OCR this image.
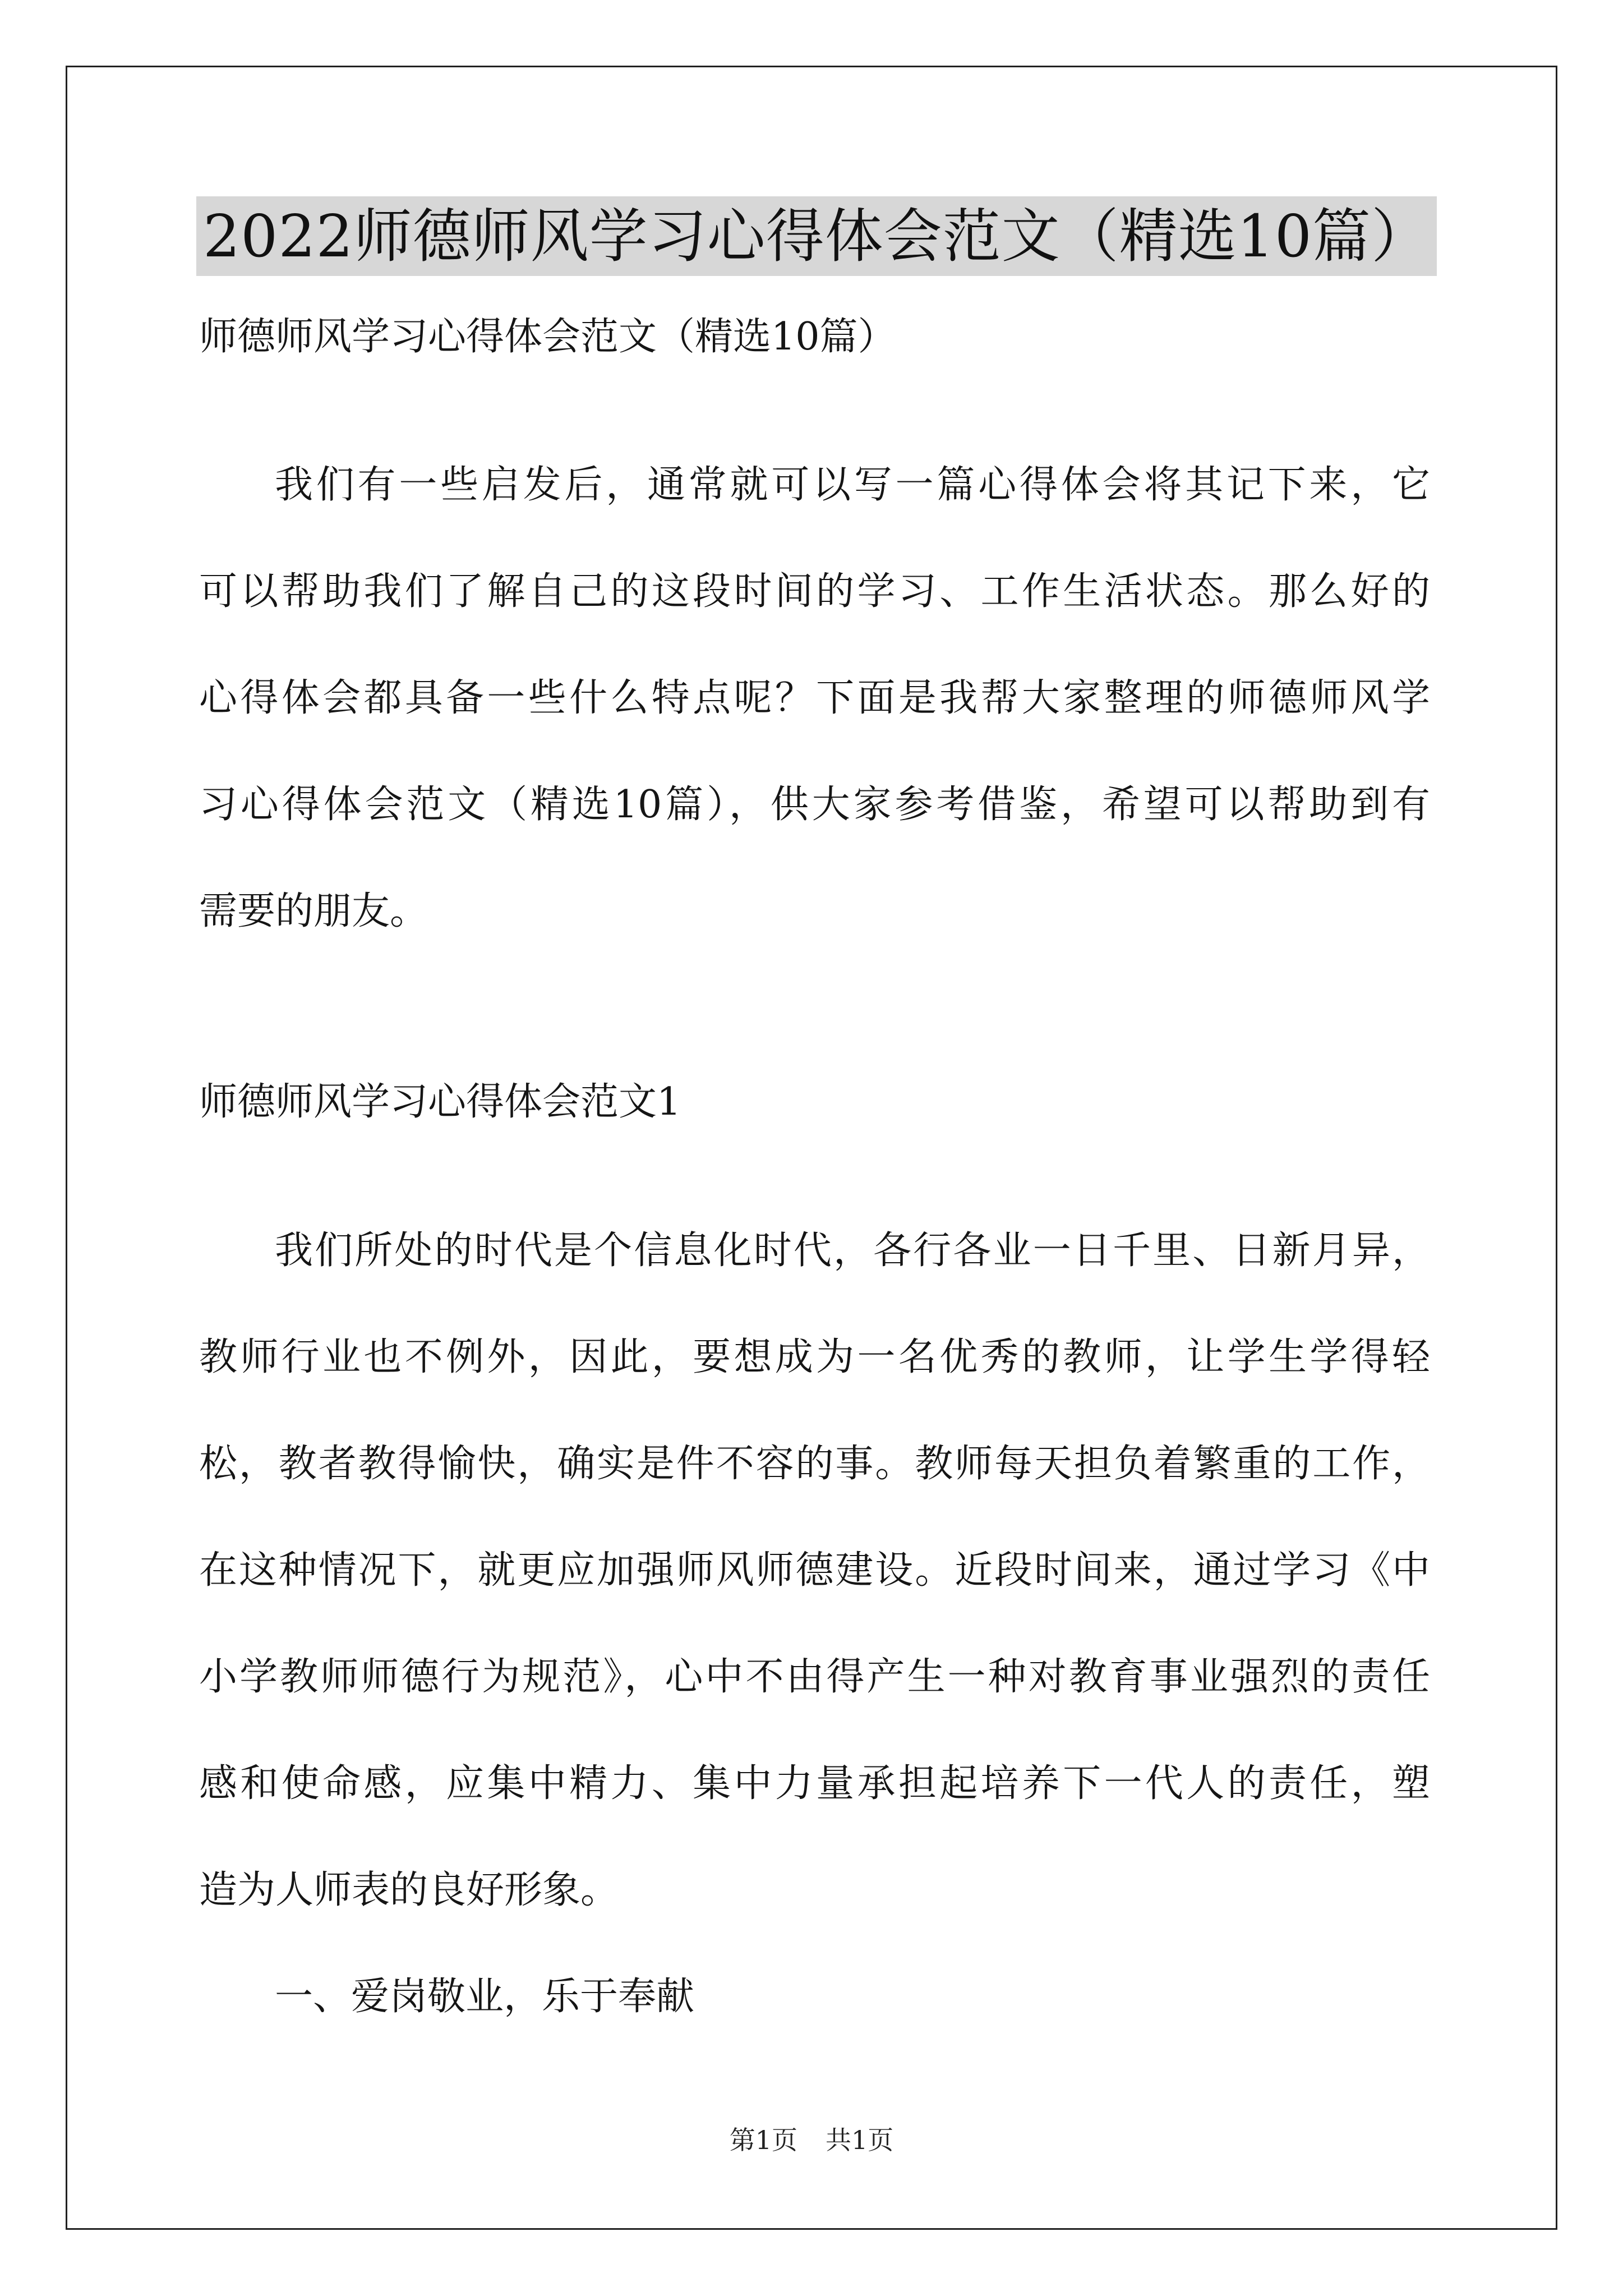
2022师德师风学习心得体会范文（精选10篇）
师德师风学习心得体会范文（精选10篇）
我们有一些启发后，通常就可以写一篇心得体会将其记下来，它
可以帮助我们了解自己的这段时间的学习、工作生活状态。那么好的
心得体会都具备一些什么特点呢？下面是我帮大家整理的师德师风学
习心得体会范文（精选10篇），供大家参考借鉴，希望可以帮助到有
需要的朋友。
师德师风学习心得体会范文1
我们所处的时代是个信息化时代，各行各业一日千里、日新月异，
教师行业也不例外，因此，要想成为一名优秀的教师，让学生学得轻
松，教者教得愉快，确实是件不容的事。教师每天担负着繁重的工作，
在这种情况下，就更应加强师风师德建设。近段时间来，通过学习《中
小学教师师德行为规范》，心中不由得产生一种对教育事业强烈的责任
感和使命感，应集中精力、集中力量承担起培养下一代人的责任，塑
造为人师表的良好形象。
一、爱岗敬业，乐于奉献
第1页 共1页
